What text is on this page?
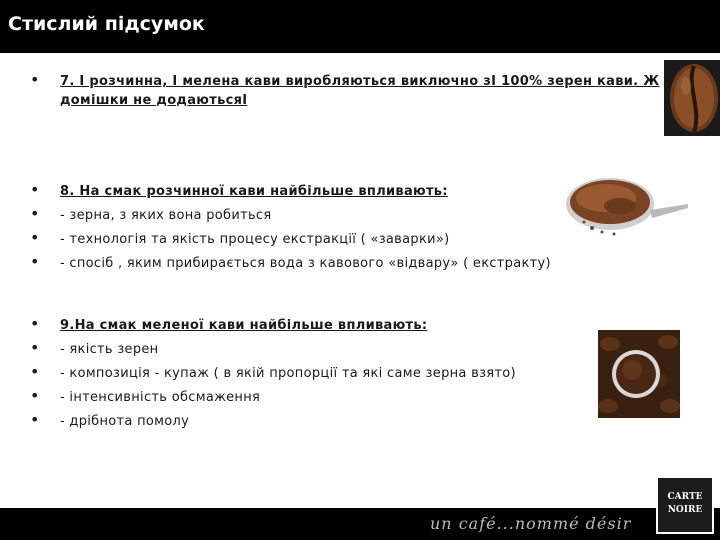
Стислий підсумок
•
7. І розчинна, І мелена кави виробляються виключно зІ 100% зерен кави. Ж
домішки не додаютьсяІ
•
8. На смак розчинної кави найбільше впливають:
•
- зерна, з яких вона робиться
•
- технологія та якість процесу екстракції ( «заварки»)
•
- спосіб , яким прибирається вода з кавового «відвару» ( екстракту)
•
9.На смак меленої кави найбільше впливають:
•
- якість зерен
•
- композиція - купаж ( в якій пропорції та які саме зерна взято)
•
- інтенсивність обсмаження
•
- дрібнота помолу
un café...nommé désir
CARTE
NOIRE
